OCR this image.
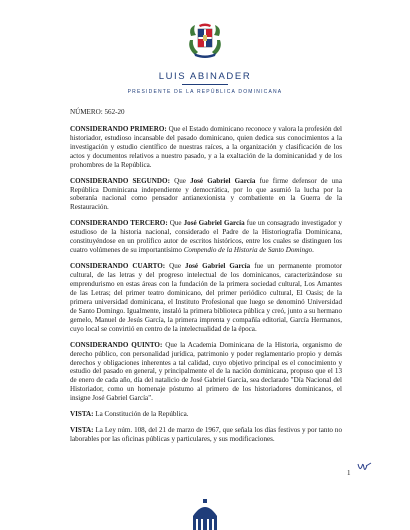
LUIS ABINADER
PRESIDENTE DE LA REPÚBLICA DOMINICANA
NÚMERO: 562-20

CONSIDERANDO PRIMERO: Que el Estado dominicano reconoce y valora la profesión del historiador, estudioso incansable del pasado dominicano, quien dedica sus conocimientos a la investigación y estudio científico de nuestras raíces, a la organización y clasificación de los actos y documentos relativos a nuestro pasado, y a la exaltación de la dominicanidad y de los prohombres de la República.

CONSIDERANDO SEGUNDO: Que José Gabriel García fue firme defensor de una República Dominicana independiente y democrática, por lo que asumió la lucha por la soberanía nacional como pensador antianexionista y combatiente en la Guerra de la Restauración.

CONSIDERANDO TERCERO: Que José Gabriel García fue un consagrado investigador y estudioso de la historia nacional, considerado el Padre de la Historiografía Dominicana, constituyéndose en un prolífico autor de escritos históricos, entre los cuales se distinguen los cuatro volúmenes de su importantísimo Compendio de la Historia de Santo Domingo.

CONSIDERANDO CUARTO: Que José Gabriel García fue un permanente promotor cultural, de las letras y del progreso intelectual de los dominicanos, caracterizándose su emprendurismo en estas áreas con la fundación de la primera sociedad cultural, Los Amantes de las Letras; del primer teatro dominicano, del primer periódico cultural, El Oasis; de la primera universidad dominicana, el Instituto Profesional que luego se denominó Universidad de Santo Domingo. Igualmente, instaló la primera biblioteca pública y creó, junto a su hermano gemelo, Manuel de Jesús García, la primera imprenta y compañía editorial, García Hermanos, cuyo local se convirtió en centro de la intelectualidad de la época.

CONSIDERANDO QUINTO: Que la Academia Dominicana de la Historia, organismo de derecho público, con personalidad jurídica, patrimonio y poder reglamentario propio y demás derechos y obligaciones inherentes a tal calidad, cuyo objetivo principal es el conocimiento y estudio del pasado en general, y principalmente el de la nación dominicana, propuso que el 13 de enero de cada año, día del natalicio de José Gabriel García, sea declarado "Día Nacional del Historiador, como un homenaje póstumo al primero de los historiadores dominicanos, el insigne José Gabriel García".

VISTA: La Constitución de la República.

VISTA: La Ley núm. 108, del 21 de marzo de 1967, que señala los días festivos y por tanto no laborables por las oficinas públicas y particulares, y sus modificaciones.

1
